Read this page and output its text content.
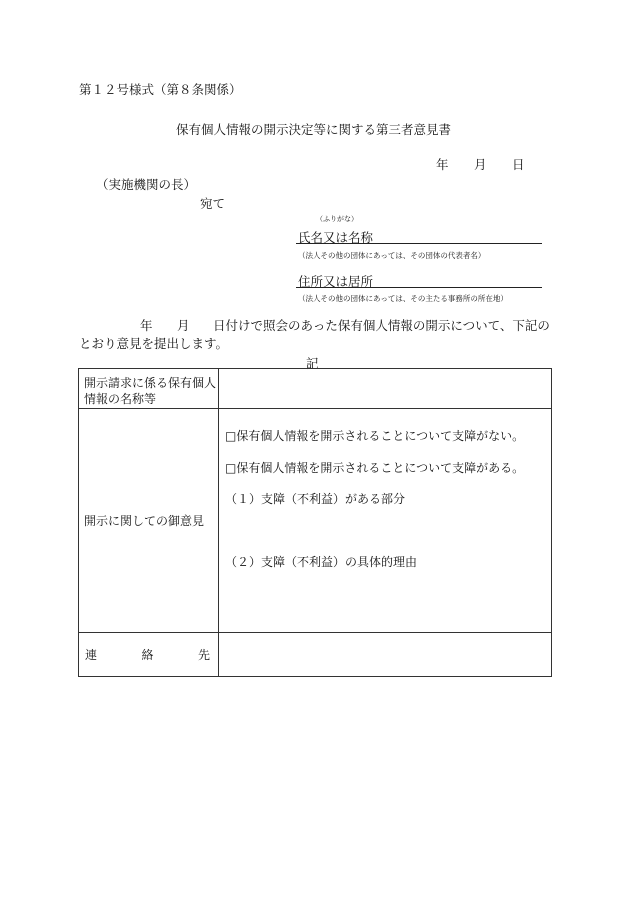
第１２号様式（第８条関係）
保有個人情報の開示決定等に関する第三者意見書
年 月 日
（実施機関の長）
宛て
（ふりがな）
氏名又は名称
（法人その他の団体にあっては、その団体の代表者名）
住所又は居所
（法人その他の団体にあっては、その主たる事務所の所在地）
年 月 日付けで照会のあった保有個人情報の開示について、下記の
とおり意見を提出します。
記
開示請求に係る保有個人情報の名称等	
開示に関しての御意見	□保有個人情報を開示されることについて支障がない。
□保有個人情報を開示されることについて支障がある。
（１）支障（不利益）がある部分
（２）支障（不利益）の具体的理由

連 絡 先	
